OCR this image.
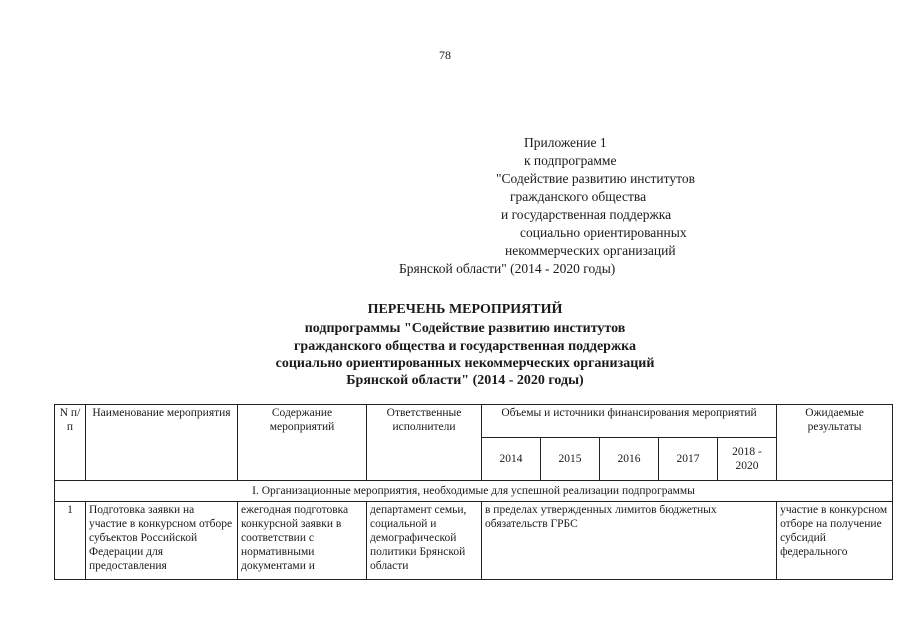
78
Приложение 1
к подпрограмме
"Содействие развитию институтов
гражданского общества
и государственная поддержка
социально ориентированных
некоммерческих организаций
Брянской области" (2014 - 2020 годы)
ПЕРЕЧЕНЬ МЕРОПРИЯТИЙ
подпрограммы "Содействие развитию институтов
гражданского общества и государственная поддержка
социально ориентированных некоммерческих организаций
Брянской области" (2014 - 2020 годы)
N п/п	Наименование мероприятия	Содержание мероприятий	Ответственные исполнители	Объемы и источники финансирования мероприятий					Ожидаемые результаты
				2014	2015	2016	2017	2018 - 2020	
I. Организационные мероприятия, необходимые для успешной реализации подпрограммы									

1	Подготовка заявки на участие в конкурсном отборе субъектов Российской Федерации для предоставления	ежегодная подготовка конкурсной заявки в соответствии с нормативными документами и	департамент семьи, социальной и демографической политики Брянской области	в пределах утвержденных лимитов бюджетных обязательств ГРБС					участие в конкурсном отборе на получение субсидий федерального
